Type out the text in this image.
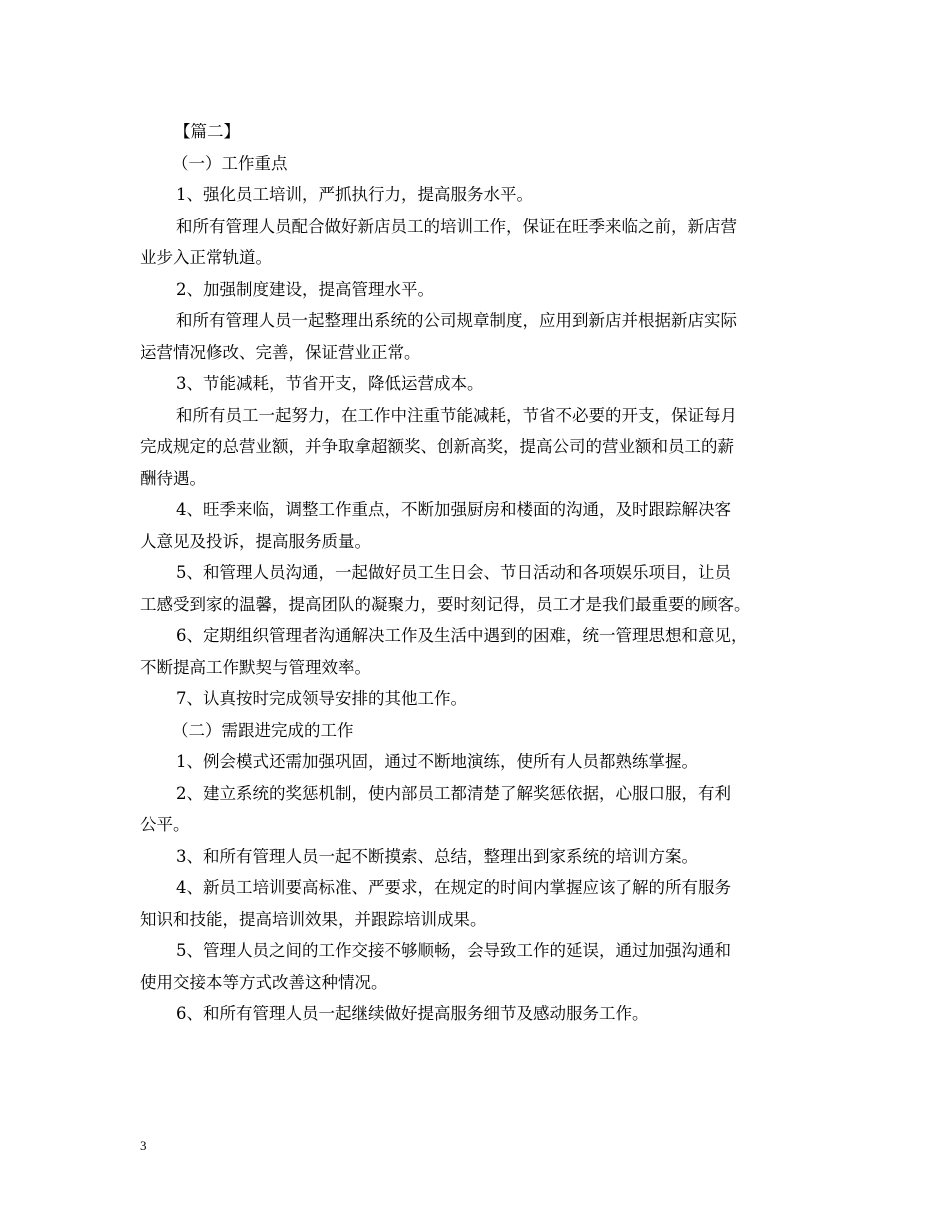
【篇二】
（一）工作重点
1、强化员工培训，严抓执行力，提高服务水平。
和所有管理人员配合做好新店员工的培训工作，保证在旺季来临之前，新店营
业步入正常轨道。
2、加强制度建设，提高管理水平。
和所有管理人员一起整理出系统的公司规章制度，应用到新店并根据新店实际
运营情况修改、完善，保证营业正常。
3、节能减耗，节省开支，降低运营成本。
和所有员工一起努力，在工作中注重节能减耗，节省不必要的开支，保证每月
完成规定的总营业额，并争取拿超额奖、创新高奖，提高公司的营业额和员工的薪
酬待遇。
4、旺季来临，调整工作重点，不断加强厨房和楼面的沟通，及时跟踪解决客
人意见及投诉，提高服务质量。
5、和管理人员沟通，一起做好员工生日会、节日活动和各项娱乐项目，让员
工感受到家的温馨，提高团队的凝聚力，要时刻记得，员工才是我们最重要的顾客。
6、定期组织管理者沟通解决工作及生活中遇到的困难，统一管理思想和意见，
不断提高工作默契与管理效率。
7、认真按时完成领导安排的其他工作。
（二）需跟进完成的工作
1、例会模式还需加强巩固，通过不断地演练，使所有人员都熟练掌握。
2、建立系统的奖惩机制，使内部员工都清楚了解奖惩依据，心服口服，有利
公平。
3、和所有管理人员一起不断摸索、总结，整理出到家系统的培训方案。
4、新员工培训要高标准、严要求，在规定的时间内掌握应该了解的所有服务
知识和技能，提高培训效果，并跟踪培训成果。
5、管理人员之间的工作交接不够顺畅，会导致工作的延误，通过加强沟通和
使用交接本等方式改善这种情况。
6、和所有管理人员一起继续做好提高服务细节及感动服务工作。
3
